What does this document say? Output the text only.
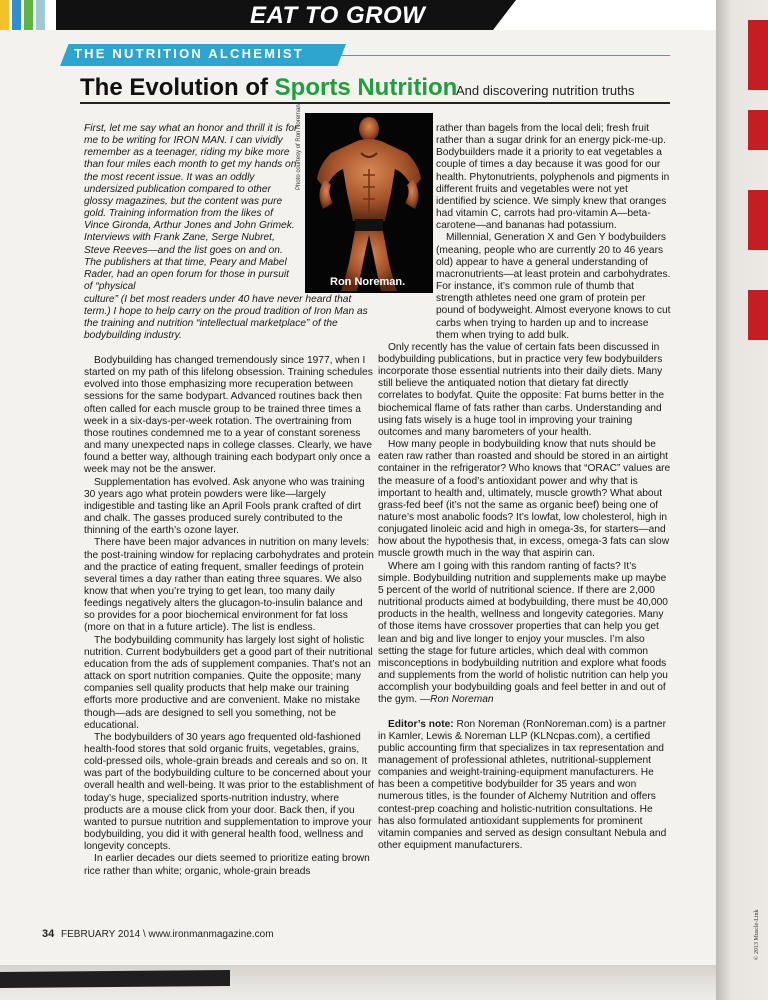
EAT TO GROW
THE NUTRITION ALCHEMIST
The Evolution of Sports Nutrition
And discovering nutrition truths
Ron Noreman.
Photo courtesy of Ron Noreman

First, let me say what an honor and thrill it is for me to be writing for IRON MAN. I can vividly remember as a teenager, riding my bike more than four miles each month to get my hands on the most recent issue. It was an oddly undersized publication compared to other glossy magazines, but the content was pure gold. Training information from the likes of Vince Gironda, Arthur Jones and John Grimek. Interviews with Frank Zane, Serge Nubret, Steve Reeves—and the list goes on and on. The publishers at that time, Peary and Mabel Rader, had an open forum for those in pursuit of “physical

culture” (I bet most readers under 40 have never heard that term.) I hope to help carry on the proud tradition of Iron Man as the training and nutrition “intellectual marketplace” of the bodybuilding industry.

Bodybuilding has changed tremendously since 1977, when I started on my path of this lifelong obsession. Training schedules evolved into those emphasizing more recuperation between sessions for the same bodypart. Advanced routines back then often called for each muscle group to be trained three times a week in a six-days-per-week rotation. The overtraining from those routines condemned me to a year of constant soreness and many unexpected naps in college classes. Clearly, we have found a better way, although training each bodypart only once a week may not be the answer.

Supplementation has evolved. Ask anyone who was training 30 years ago what protein powders were like—largely indigestible and tasting like an April Fools prank crafted of dirt and chalk. The gasses produced surely contributed to the thinning of the earth’s ozone layer.

There have been major advances in nutrition on many levels: the post-training window for replacing carbohydrates and protein and the practice of eating frequent, smaller feedings of protein several times a day rather than eating three squares. We also know that when you’re trying to get lean, too many daily feedings negatively alters the glucagon-to-insulin balance and so provides for a poor biochemical environment for fat loss (more on that in a future article). The list is endless.

The bodybuilding community has largely lost sight of holistic nutrition. Current bodybuilders get a good part of their nutritional education from the ads of supplement companies. That’s not an attack on sport nutrition companies. Quite the opposite; many companies sell quality products that help make our training efforts more productive and are convenient. Make no mistake though—ads are designed to sell you something, not be educational.

The bodybuilders of 30 years ago frequented old-fashioned health-food stores that sold organic fruits, vegetables, grains, cold-pressed oils, whole-grain breads and cereals and so on. It was part of the bodybuilding culture to be concerned about your overall health and well-being. It was prior to the establishment of today’s huge, specialized sports-nutrition industry, where products are a mouse click from your door. Back then, if you wanted to pursue nutrition and supplementation to improve your bodybuilding, you did it with general health food, wellness and longevity concepts.

In earlier decades our diets seemed to prioritize eating brown rice rather than white; organic, whole-grain breads

rather than bagels from the local deli; fresh fruit rather than a sugar drink for an energy pick-me-up. Bodybuilders made it a priority to eat vegetables a couple of times a day because it was good for our health. Phytonutrients, polyphenols and pigments in different fruits and vegetables were not yet identified by science. We simply knew that oranges had vitamin C, carrots had pro-vitamin A—beta-carotene—and bananas had potassium.

Millennial, Generation X and Gen Y bodybuilders (meaning, people who are currently 20 to 46 years old) appear to have a general understanding of macronutrients—at least protein and carbohydrates. For instance, it’s common rule of thumb that strength athletes need one gram of protein per pound of bodyweight. Almost everyone knows to cut carbs when trying to harden up and to increase them when trying to add bulk.

Only recently has the value of certain fats been discussed in bodybuilding publications, but in practice very few bodybuilders incorporate those essential nutrients into their daily diets. Many still believe the antiquated notion that dietary fat directly correlates to bodyfat. Quite the opposite: Fat burns better in the biochemical flame of fats rather than carbs. Understanding and using fats wisely is a huge tool in improving your training outcomes and many barometers of your health.

How many people in bodybuilding know that nuts should be eaten raw rather than roasted and should be stored in an airtight container in the refrigerator? Who knows that “ORAC” values are the measure of a food’s antioxidant power and why that is important to health and, ultimately, muscle growth? What about grass-fed beef (it’s not the same as organic beef) being one of nature’s most anabolic foods? It’s lowfat, low cholesterol, high in conjugated linoleic acid and high in omega-3s, for starters—and how about the hypothesis that, in excess, omega-3 fats can slow muscle growth much in the way that aspirin can.

Where am I going with this random ranting of facts? It’s simple. Bodybuilding nutrition and supplements make up maybe 5 percent of the world of nutritional science. If there are 2,000 nutritional products aimed at bodybuilding, there must be 40,000 products in the health, wellness and longevity categories. Many of those items have crossover properties that can help you get lean and big and live longer to enjoy your muscles. I’m also setting the stage for future articles, which deal with common misconceptions in bodybuilding nutrition and explore what foods and supplements from the world of holistic nutrition can help you accomplish your bodybuilding goals and feel better in and out of the gym. —Ron Noreman

Editor’s note: Ron Noreman (RonNoreman.com) is a partner in Kamler, Lewis & Noreman LLP (KLNcpas.com), a certified public accounting firm that specializes in tax representation and management of professional athletes, nutritional-supplement companies and weight-training-equipment manufacturers. He has been a competitive bodybuilder for 35 years and won numerous titles, is the founder of Alchemy Nutrition and offers contest-prep coaching and holistic-nutrition consultations. He has also formulated antioxidant supplements for prominent vitamin companies and served as design consultant Nebula and other equipment manufacturers.

34 FEBRUARY 2014 \ www.ironmanmagazine.com	© 2013 Muscle-Link
